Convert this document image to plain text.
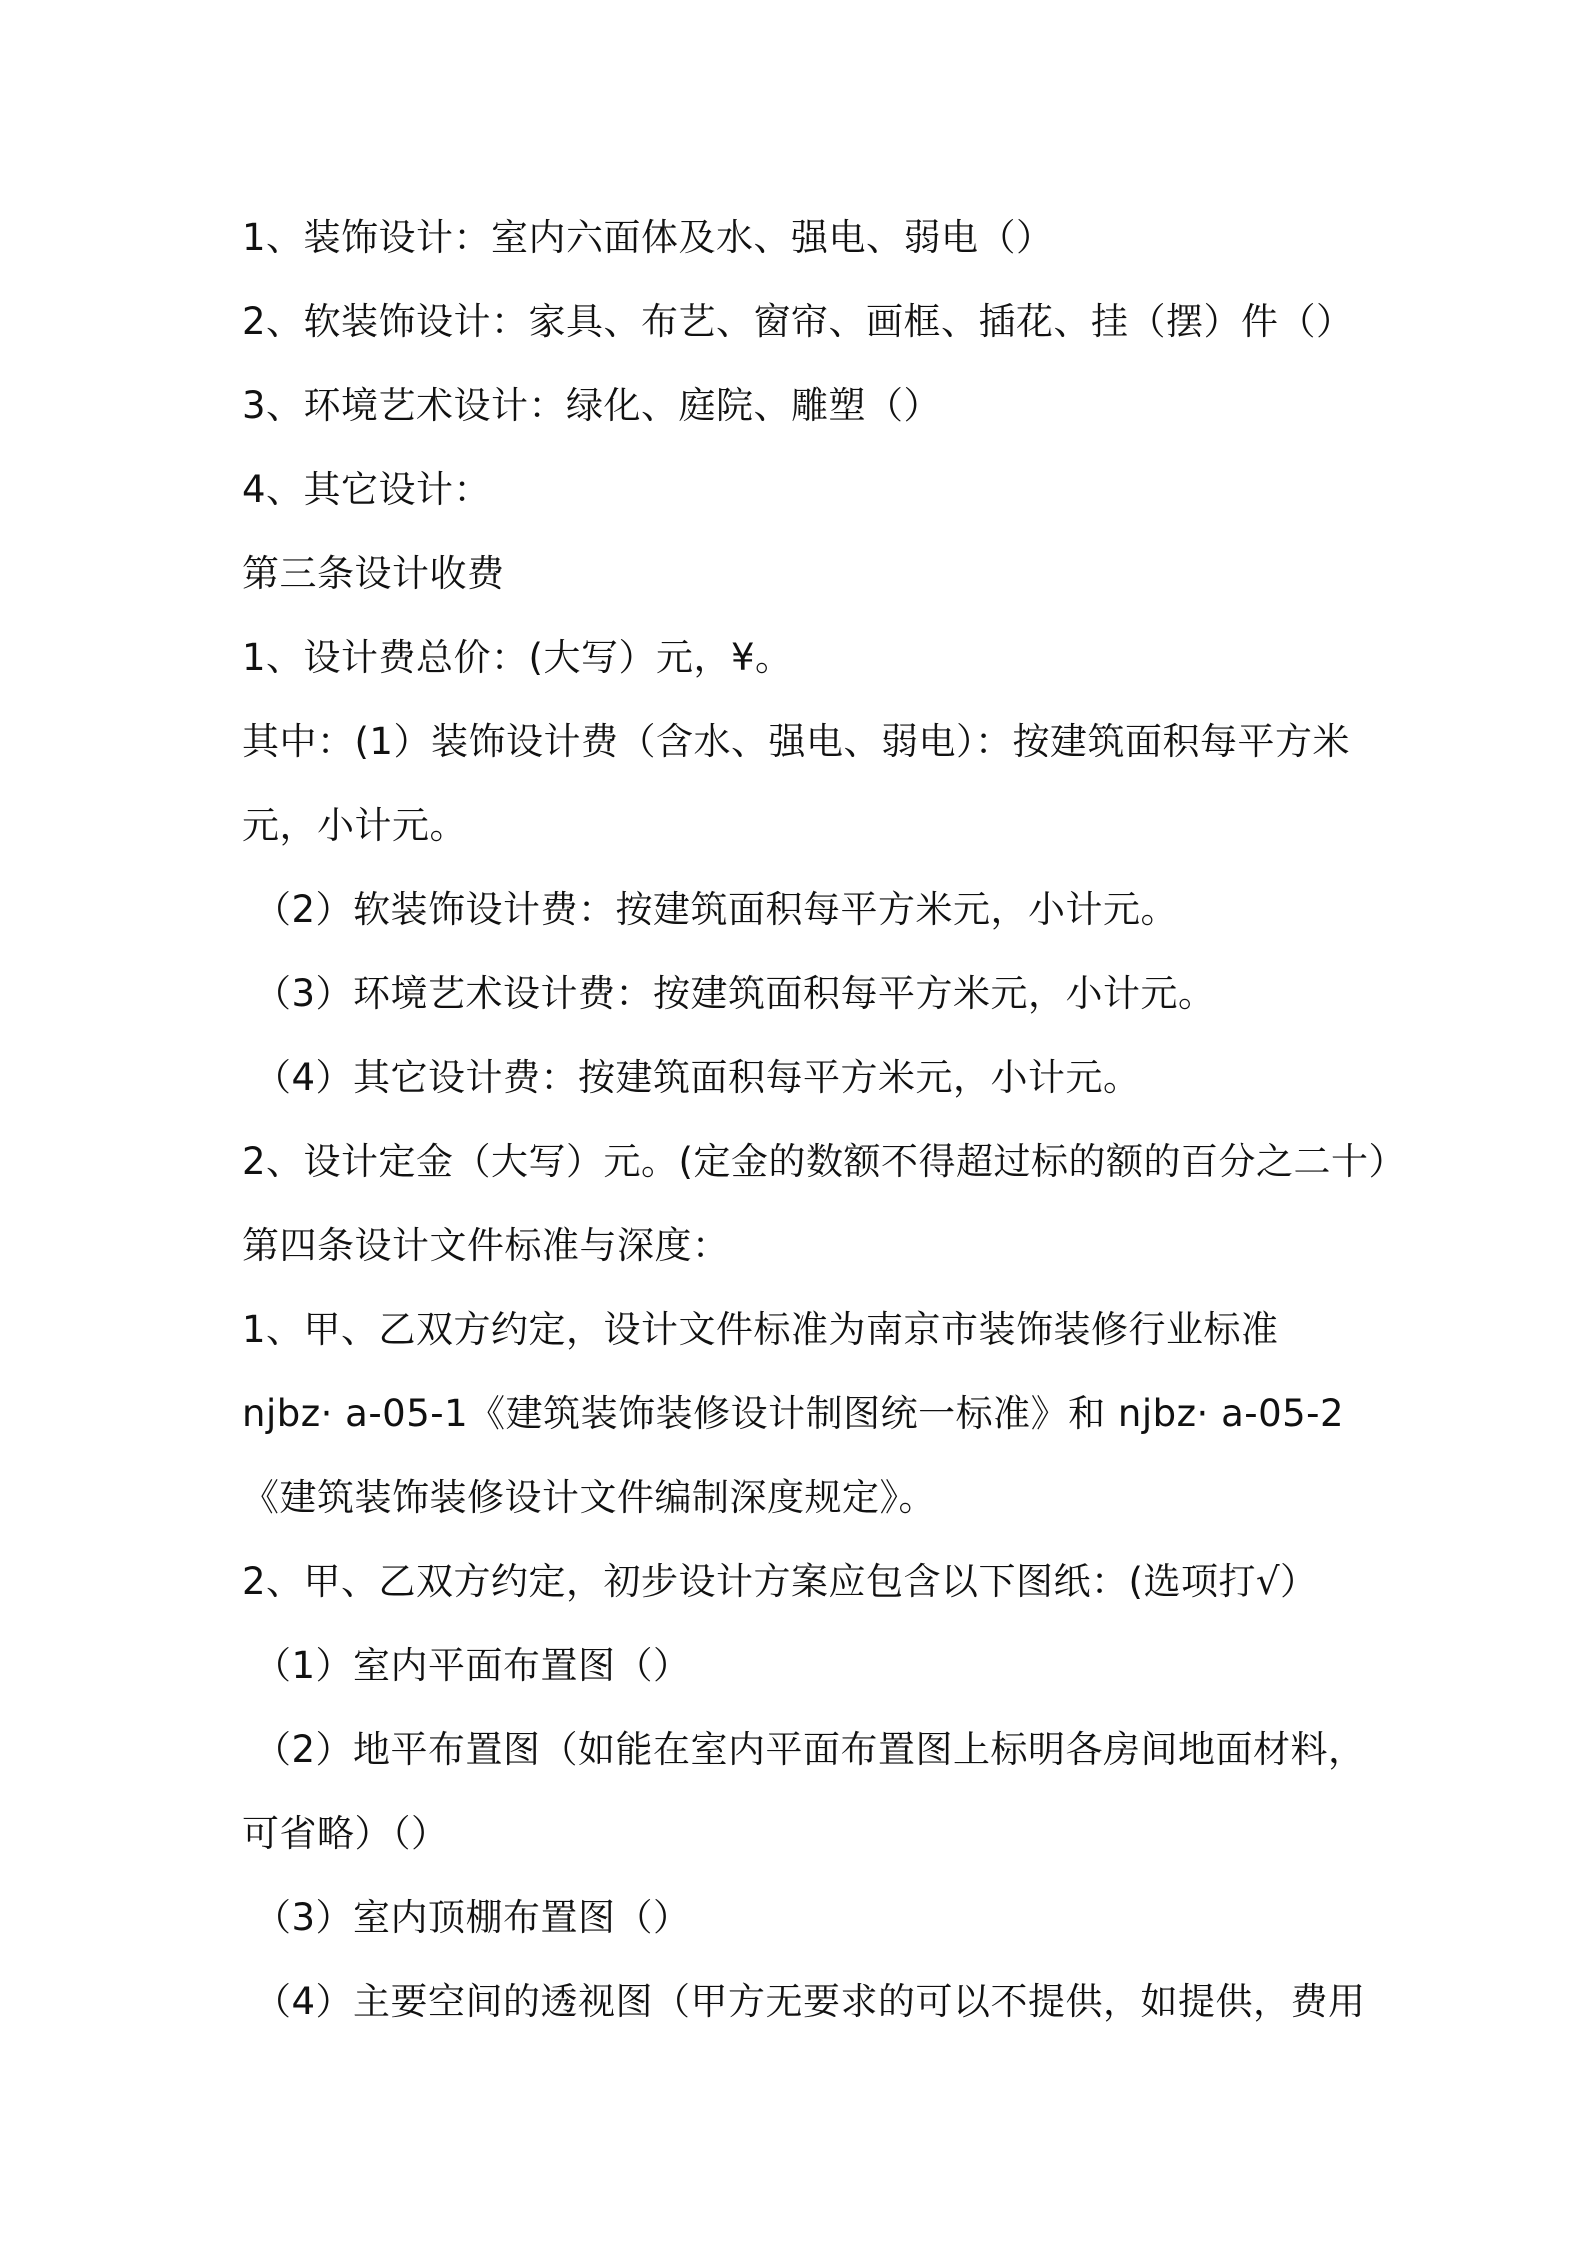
1、装饰设计：室内六面体及水、强电、弱电（）
2、软装饰设计：家具、布艺、窗帘、画框、插花、挂（摆）件（）
3、环境艺术设计：绿化、庭院、雕塑（）
4、其它设计：
第三条设计收费
1、设计费总价：(大写）元，¥。
其中：(1）装饰设计费（含水、强电、弱电）：按建筑面积每平方米
元，小计元。
（2）软装饰设计费：按建筑面积每平方米元，小计元。
（3）环境艺术设计费：按建筑面积每平方米元，小计元。
（4）其它设计费：按建筑面积每平方米元，小计元。
2、设计定金（大写）元。(定金的数额不得超过标的额的百分之二十）
第四条设计文件标准与深度：
1、甲、乙双方约定，设计文件标准为南京市装饰装修行业标准
njbz· a-05-1《建筑装饰装修设计制图统一标准》和 njbz· a-05-2
《建筑装饰装修设计文件编制深度规定》。
2、甲、乙双方约定，初步设计方案应包含以下图纸：(选项打√）
（1）室内平面布置图（）
（2）地平布置图（如能在室内平面布置图上标明各房间地面材料，
可省略）（）
（3）室内顶棚布置图（）
（4）主要空间的透视图（甲方无要求的可以不提供，如提供，费用
